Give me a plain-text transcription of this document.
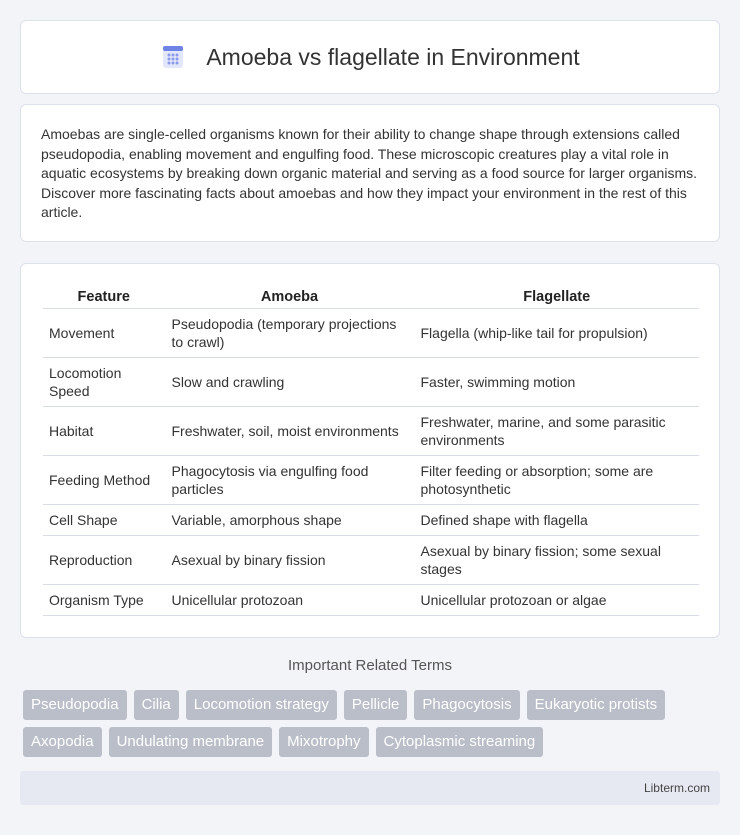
Amoeba vs flagellate in Environment

Amoebas are single-celled organisms known for their ability to change shape through extensions called pseudopodia, enabling movement and engulfing food. These microscopic creatures play a vital role in aquatic ecosystems by breaking down organic material and serving as a food source for larger organisms. Discover more fascinating facts about amoebas and how they impact your environment in the rest of this article.

Feature	Amoeba	Flagellate
Movement	Pseudopodia (temporary projections to crawl)	Flagella (whip-like tail for propulsion)
Locomotion Speed	Slow and crawling	Faster, swimming motion
Habitat	Freshwater, soil, moist environments	Freshwater, marine, and some parasitic environments
Feeding Method	Phagocytosis via engulfing food particles	Filter feeding or absorption; some are photosynthetic
Cell Shape	Variable, amorphous shape	Defined shape with flagella
Reproduction	Asexual by binary fission	Asexual by binary fission; some sexual stages
Organism Type	Unicellular protozoan	Unicellular protozoan or algae
Important Related Terms
Pseudopodia	Cilia	Locomotion strategy	Pellicle	Phagocytosis	Eukaryotic protists
Axopodia	Undulating membrane	Mixotrophy	Cytoplasmic streaming
Libterm.com
